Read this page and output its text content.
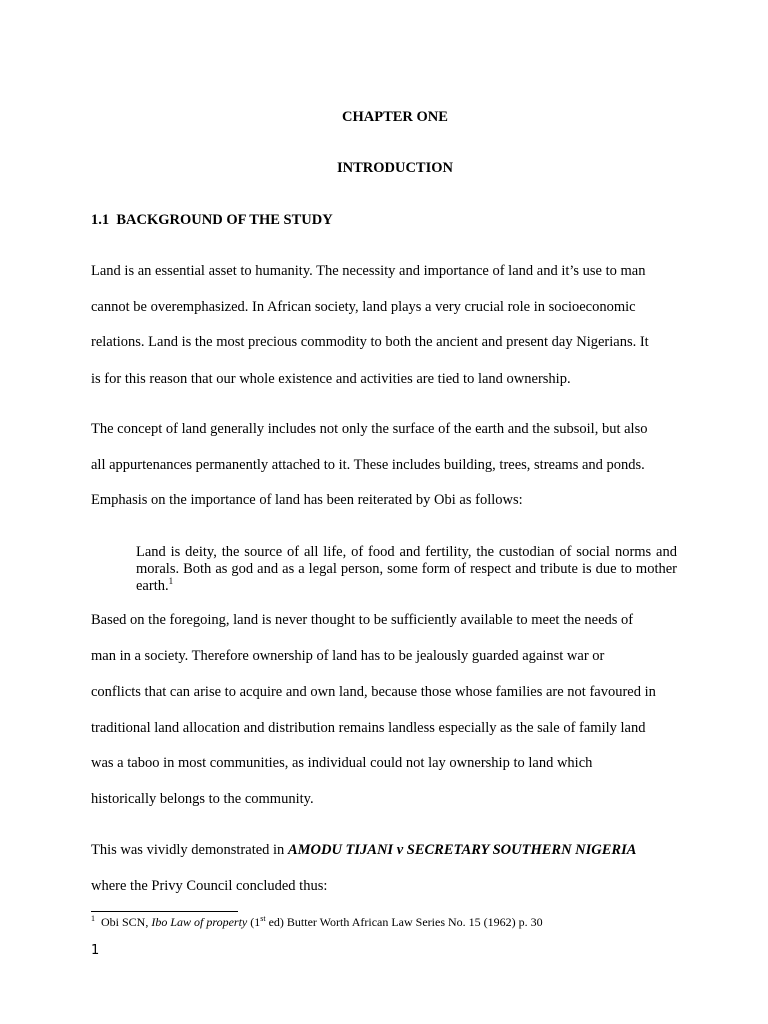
CHAPTER ONE
INTRODUCTION
1.1  BACKGROUND OF THE STUDY
Land is an essential asset to humanity. The necessity and importance of land and it’s use to man
cannot be overemphasized. In African society, land plays a very crucial role in socioeconomic
relations. Land is the most precious commodity to both the ancient and present day Nigerians. It
is for this reason that our whole existence and activities are tied to land ownership.
The concept of land generally includes not only the surface of the earth and the subsoil, but also
all appurtenances permanently attached to it. These includes building, trees, streams and ponds.
Emphasis on the importance of land has been reiterated by Obi as follows:

Land is deity, the source of all life, of food and fertility, the custodian of social norms and morals. Both as god and as a legal person, some form of respect and tribute is due to mother earth.$^1$

Based on the foregoing, land is never thought to be sufficiently available to meet the needs of
man in a society. Therefore ownership of land has to be jealously guarded against war or
conflicts that can arise to acquire and own land, because those whose families are not favoured in
traditional land allocation and distribution remains landless especially as the sale of family land
was a taboo in most communities, as individual could not lay ownership to land which
historically belongs to the community.
This was vividly demonstrated in AMODU TIJANI v SECRETARY SOUTHERN NIGERIA
where the Privy Council concluded thus:
$^1$ Obi SCN, Ibo Law of property (1st ed) Butter Worth African Law Series No. 15 (1962) p. 30
1
